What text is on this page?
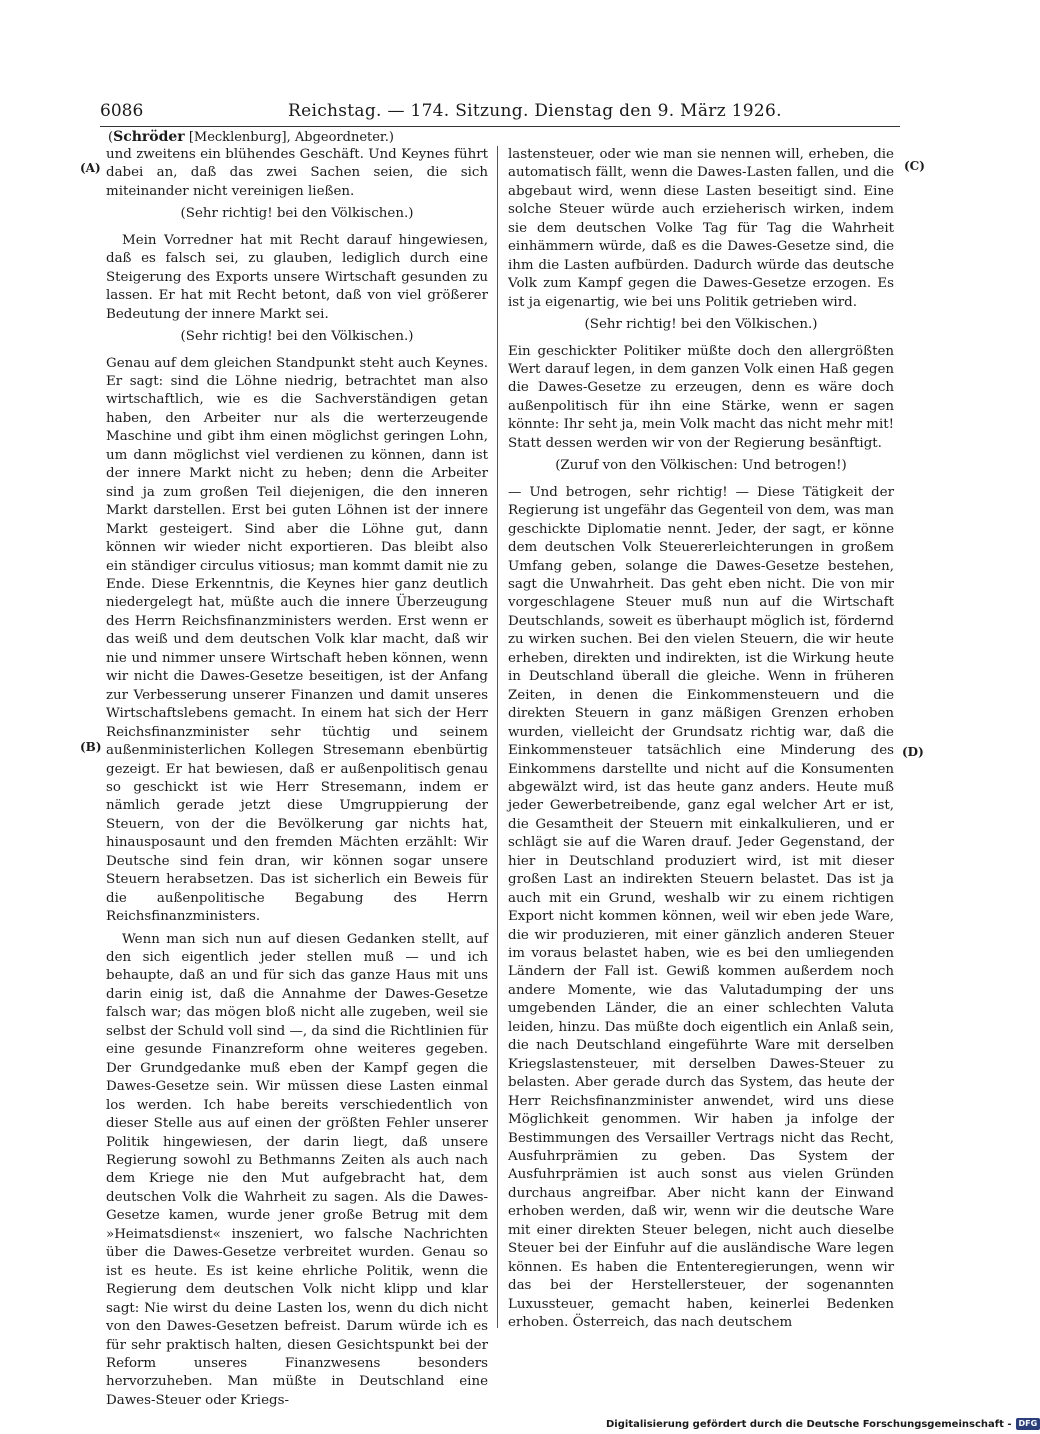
6086	Reichstag. — 174. Sitzung. Dienstag den 9. März 1926.
(Schröder [Mecklenburg], Abgeordneter.)
(A)
(B)
(C)
(D)

und zweitens ein blühendes Geschäft. Und Keynes führt dabei an, daß das zwei Sachen seien, die sich miteinander nicht vereinigen ließen.

(Sehr richtig! bei den Völkischen.)

Mein Vorredner hat mit Recht darauf hingewiesen, daß es falsch sei, zu glauben, lediglich durch eine Steigerung des Exports unsere Wirtschaft gesunden zu lassen. Er hat mit Recht betont, daß von viel größerer Bedeutung der innere Markt sei.

(Sehr richtig! bei den Völkischen.)

Genau auf dem gleichen Standpunkt steht auch Keynes. Er sagt: sind die Löhne niedrig, betrachtet man also wirtschaftlich, wie es die Sachverständigen getan haben, den Arbeiter nur als die werterzeugende Maschine und gibt ihm einen möglichst geringen Lohn, um dann möglichst viel verdienen zu können, dann ist der innere Markt nicht zu heben; denn die Arbeiter sind ja zum großen Teil diejenigen, die den inneren Markt darstellen. Erst bei guten Löhnen ist der innere Markt gesteigert. Sind aber die Löhne gut, dann können wir wieder nicht exportieren. Das bleibt also ein ständiger circulus vitiosus; man kommt damit nie zu Ende. Diese Erkenntnis, die Keynes hier ganz deutlich niedergelegt hat, müßte auch die innere Überzeugung des Herrn Reichsfinanzministers werden. Erst wenn er das weiß und dem deutschen Volk klar macht, daß wir nie und nimmer unsere Wirtschaft heben können, wenn wir nicht die Dawes-Gesetze beseitigen, ist der Anfang zur Verbesserung unserer Finanzen und damit unseres Wirtschaftslebens gemacht. In einem hat sich der Herr Reichsfinanzminister sehr tüchtig und seinem außenministerlichen Kollegen Stresemann ebenbürtig gezeigt. Er hat bewiesen, daß er außenpolitisch genau so geschickt ist wie Herr Stresemann, indem er nämlich gerade jetzt diese Umgruppierung der Steuern, von der die Bevölkerung gar nichts hat, hinausposaunt und den fremden Mächten erzählt: Wir Deutsche sind fein dran, wir können sogar unsere Steuern herabsetzen. Das ist sicherlich ein Beweis für die außenpolitische Begabung des Herrn Reichsfinanzministers.

Wenn man sich nun auf diesen Gedanken stellt, auf den sich eigentlich jeder stellen muß — und ich behaupte, daß an und für sich das ganze Haus mit uns darin einig ist, daß die Annahme der Dawes-Gesetze falsch war; das mögen bloß nicht alle zugeben, weil sie selbst der Schuld voll sind —, da sind die Richtlinien für eine gesunde Finanzreform ohne weiteres gegeben. Der Grundgedanke muß eben der Kampf gegen die Dawes-Gesetze sein. Wir müssen diese Lasten einmal los werden. Ich habe bereits verschiedentlich von dieser Stelle aus auf einen der größten Fehler unserer Politik hingewiesen, der darin liegt, daß unsere Regierung sowohl zu Bethmanns Zeiten als auch nach dem Kriege nie den Mut aufgebracht hat, dem deutschen Volk die Wahrheit zu sagen. Als die Dawes-Gesetze kamen, wurde jener große Betrug mit dem »Heimatsdienst« inszeniert, wo falsche Nachrichten über die Dawes-Gesetze verbreitet wurden. Genau so ist es heute. Es ist keine ehrliche Politik, wenn die Regierung dem deutschen Volk nicht klipp und klar sagt: Nie wirst du deine Lasten los, wenn du dich nicht von den Dawes-Gesetzen befreist. Darum würde ich es für sehr praktisch halten, diesen Gesichtspunkt bei der Reform unseres Finanzwesens besonders hervorzuheben. Man müßte in Deutschland eine Dawes-Steuer oder Kriegs-

lastensteuer, oder wie man sie nennen will, erheben, die automatisch fällt, wenn die Dawes-Lasten fallen, und die abgebaut wird, wenn diese Lasten beseitigt sind. Eine solche Steuer würde auch erzieherisch wirken, indem sie dem deutschen Volke Tag für Tag die Wahrheit einhämmern würde, daß es die Dawes-Gesetze sind, die ihm die Lasten aufbürden. Dadurch würde das deutsche Volk zum Kampf gegen die Dawes-Gesetze erzogen. Es ist ja eigenartig, wie bei uns Politik getrieben wird.

(Sehr richtig! bei den Völkischen.)

Ein geschickter Politiker müßte doch den allergrößten Wert darauf legen, in dem ganzen Volk einen Haß gegen die Dawes-Gesetze zu erzeugen, denn es wäre doch außenpolitisch für ihn eine Stärke, wenn er sagen könnte: Ihr seht ja, mein Volk macht das nicht mehr mit! Statt dessen werden wir von der Regierung besänftigt.

(Zuruf von den Völkischen: Und betrogen!)

— Und betrogen, sehr richtig! — Diese Tätigkeit der Regierung ist ungefähr das Gegenteil von dem, was man geschickte Diplomatie nennt. Jeder, der sagt, er könne dem deutschen Volk Steuererleichterungen in großem Umfang geben, solange die Dawes-Gesetze bestehen, sagt die Unwahrheit. Das geht eben nicht. Die von mir vorgeschlagene Steuer muß nun auf die Wirtschaft Deutschlands, soweit es überhaupt möglich ist, fördernd zu wirken suchen. Bei den vielen Steuern, die wir heute erheben, direkten und indirekten, ist die Wirkung heute in Deutschland überall die gleiche. Wenn in früheren Zeiten, in denen die Einkommensteuern und die direkten Steuern in ganz mäßigen Grenzen erhoben wurden, vielleicht der Grundsatz richtig war, daß die Einkommensteuer tatsächlich eine Minderung des Einkommens darstellte und nicht auf die Konsumenten abgewälzt wird, ist das heute ganz anders. Heute muß jeder Gewerbetreibende, ganz egal welcher Art er ist, die Gesamtheit der Steuern mit einkalkulieren, und er schlägt sie auf die Waren drauf. Jeder Gegenstand, der hier in Deutschland produziert wird, ist mit dieser großen Last an indirekten Steuern belastet. Das ist ja auch mit ein Grund, weshalb wir zu einem richtigen Export nicht kommen können, weil wir eben jede Ware, die wir produzieren, mit einer gänzlich anderen Steuer im voraus belastet haben, wie es bei den umliegenden Ländern der Fall ist. Gewiß kommen außerdem noch andere Momente, wie das Valutadumping der uns umgebenden Länder, die an einer schlechten Valuta leiden, hinzu. Das müßte doch eigentlich ein Anlaß sein, die nach Deutschland eingeführte Ware mit derselben Kriegslastensteuer, mit derselben Dawes-Steuer zu belasten. Aber gerade durch das System, das heute der Herr Reichsfinanzminister anwendet, wird uns diese Möglichkeit genommen. Wir haben ja infolge der Bestimmungen des Versailler Vertrags nicht das Recht, Ausfuhrprämien zu geben. Das System der Ausfuhrprämien ist auch sonst aus vielen Gründen durchaus angreifbar. Aber nicht kann der Einwand erhoben werden, daß wir, wenn wir die deutsche Ware mit einer direkten Steuer belegen, nicht auch dieselbe Steuer bei der Einfuhr auf die ausländische Ware legen können. Es haben die Ententeregierungen, wenn wir das bei der Herstellersteuer, der sogenannten Luxussteuer, gemacht haben, keinerlei Bedenken erhoben. Österreich, das nach deutschem

Digitalisierung gefördert durch die Deutsche Forschungsgemeinschaft - DFG
